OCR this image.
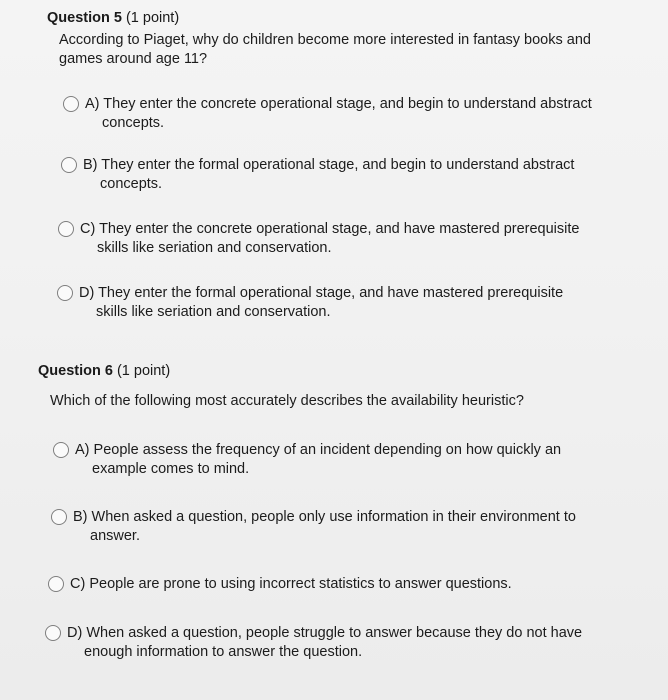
Question 5 (1 point)
According to Piaget, why do children become more interested in fantasy books and games around age 11?
A) They enter the concrete operational stage, and begin to understand abstract
concepts.
B) They enter the formal operational stage, and begin to understand abstract
concepts.
C) They enter the concrete operational stage, and have mastered prerequisite
skills like seriation and conservation.
D) They enter the formal operational stage, and have mastered prerequisite
skills like seriation and conservation.
Question 6 (1 point)
Which of the following most accurately describes the availability heuristic?
A) People assess the frequency of an incident depending on how quickly an
example comes to mind.
B) When asked a question, people only use information in their environment to
answer.
C) People are prone to using incorrect statistics to answer questions.
D) When asked a question, people struggle to answer because they do not have
enough information to answer the question.
